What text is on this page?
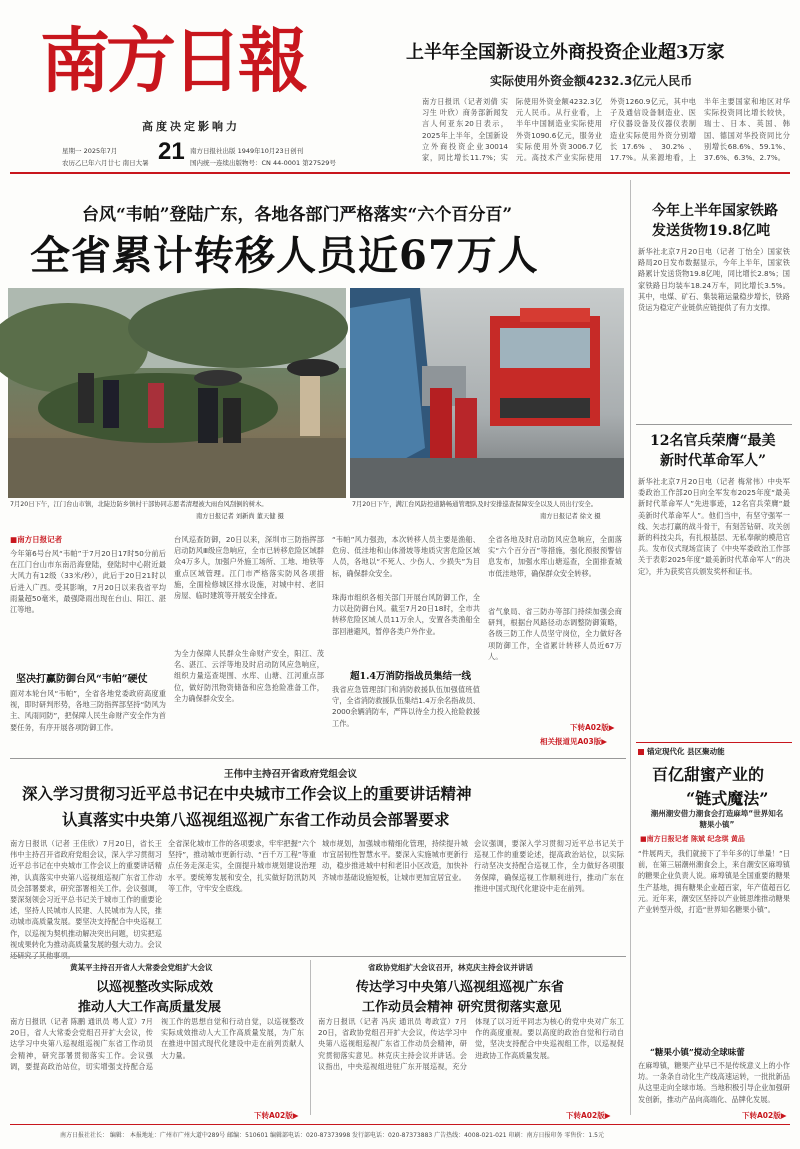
南方日報
高度决定影响力
星期一 2025年7月 21
农历乙巳年六月廿七 南日大暑
南方日报社出版 1949年10月23日创刊
国内统一连续出版物号：CN 44-0001 第27529号
上半年全国新设立外商投资企业超3万家
实际使用外资金额4232.3亿元人民币
南方日报讯（记者刘倩 实习生 叶欣）商务部新闻发言人何亚东20日表示，2025年上半年，全国新设立外商投资企业30014家，同比增长11.7%；实际使用外资金额4232.3亿元人民币。从行业看，上半年中国制造业实际使用外资1090.6亿元，服务业实际使用外资3006.7亿元。高技术产业实际使用外资1260.9亿元，其中电子及通信设备制造业、医疗仪器设备及仪器仪表制造业实际使用外资分别增长17.6%、30.2%、17.7%。从来源地看，上半年主要国家和地区对华实际投资同比增长较快，瑞士、日本、英国、韩国、德国对华投资同比分别增长68.6%、59.1%、37.6%、6.3%、2.7%。
台风“韦帕”登陆广东，各地各部门严格落实“六个百分百”
全省累计转移人员近67万人
7月20日下午，江门台山市镇，北陡边防乡镇村干部协同志愿者清理被大雨台风刮倒的树木。
南方日报记者 刘新尚 董天健 摄
7月20日下午，满江台风防控道路畅通管理队及时安排巡查保障安全以及人员出行安全。
南方日报记者 徐文 摄
■南方日报记者
今年第6号台风“韦帕”于7月20日17时50分前后在江门台山市东南沿海登陆，登陆时中心附近最大风力有12级（33米/秒），此后于20日21时以后进入广西。受其影响，7月20日以来我省平均雨量超50毫米，最强降雨出现在台山、阳江、湛江等地。
坚决打赢防御台风“韦帕”硬仗
面对本轮台风“韦帕”，全省各地党委政府高度重视，即时研判形势，各地三防指挥部坚持“防风为主、风雨同防”，把保障人民生命财产安全作为首要任务，有序开展各项防御工作。
台风巡查防御，20日以来，深圳市三防指挥部启动防风Ⅲ级应急响应，全市已转移危险区域群众4万多人，加强户外施工场所、工地、地铁等重点区域管理。江门市严格落实防风各项措施，全面检修城区排水设施，对城中村、老旧房屋、临时建筑等开展安全排查。
为全力保障人民群众生命财产安全，阳江、茂名、湛江、云浮等地及时启动防风应急响应，组织力量巡查堤围、水库、山塘、江河重点部位，做好防汛物资储备和应急抢险准备工作，全力确保群众安全。
“韦帕”风力强劲，本次转移人员主要是渔船、危房、低洼地和山体滑坡等地质灾害危险区域人员，各地以“不死人、少伤人、少损失”为目标，确保群众安全。
珠海市组织各相关部门开展台风防御工作，全力以赴防御台风。截至7月20日18时，全市共转移危险区域人员11万余人，安置各类渔船全部回港避风，暂停各类户外作业。
超1.4万消防指战员集结一线
我省应急管理部门和消防救援队伍加强值班值守，全省消防救援队伍集结1.4万余名指战员、2000余辆消防车，严阵以待全力投入抢险救援工作。
全省各地及时启动防风应急响应，全面落实“六个百分百”等措施，强化预报预警信息发布，加强水库山塘巡查，全面排查城市低洼地带，确保群众安全转移。
省气象局、省三防办等部门持续加强会商研判，根据台风路径动态调整防御策略，各级三防工作人员坚守岗位，全力做好各项防御工作，全省累计转移人员近67万人。
下转A02版▶
相关报道见A03版▶
王伟中主持召开省政府党组会议
深入学习贯彻习近平总书记在中央城市工作会议上的重要讲话精神
认真落实中央第八巡视组巡视广东省工作动员会部署要求
南方日报讯（记者 王佳欣）7月20日，省长王伟中主持召开省政府党组会议，深入学习贯彻习近平总书记在中央城市工作会议上的重要讲话精神，认真落实中央第八巡视组巡视广东省工作动员会部署要求，研究部署相关工作。会议强调，要深刻领会习近平总书记关于城市工作的重要论述，坚持人民城市人民建、人民城市为人民，推动城市高质量发展。要坚决支持配合中央巡视工作，以巡视为契机推动解决突出问题，切实把巡视成果转化为推动高质量发展的强大动力。会议
全省深化城市工作的各项要求，牢牢把握“六个坚持”，推动城市更新行动、“百千万工程”等重点任务走深走实，全面提升城市规划建设治理水平。要统筹发展和安全，扎实做好防汛防风等工作，守牢安全底线。
城市规划，加强城市精细化管理，持续提升城市宜居韧性智慧水平。要深入实施城市更新行动，稳步推进城中村和老旧小区改造，加快补齐城市基础设施短板，让城市更加宜居宜业。
会议强调，要深入学习贯彻习近平总书记关于巡视工作的重要论述，提高政治站位，以实际行动坚决支持配合巡视工作，全力做好各项服务保障，确保巡视工作顺利进行，推动广东在推进中国式现代化建设中走在前列。
黄某平主持召开省人大常委会党组扩大会议
以巡视整改实际成效
推动人大工作高质量发展
南方日报讯（记者 陈鹏 通讯员 粤人宣）7月20日，省人大常委会党组召开扩大会议，传达学习中央第八巡视组巡视广东省工作动员会精神，研究部署贯彻落实工作。会议强调，要提高政治站位，切实增强支持配合巡视工作的思想自觉和行动自觉，以巡视整改实际成效推动人大工作高质量发展，为广东在推进中国式现代化建设中走在前列贡献人大力量。
下转A02版▶
省政协党组扩大会议召开，林克庆主持会议并讲话
传达学习中央第八巡视组巡视广东省
工作动员会精神 研究贯彻落实意见
南方日报讯（记者 冯庆 通讯员 粤政宣）7月20日，省政协党组召开扩大会议，传达学习中央第八巡视组巡视广东省工作动员会精神，研究贯彻落实意见。林克庆主持会议并讲话。会议指出，中央巡视组进驻广东开展巡视，充分体现了以习近平同志为核心的党中央对广东工作的高度重视。要以高度的政治自觉和行动自觉，坚决支持配合中央巡视组工作，以巡视促进政协工作高质量发展。
下转A02版▶
今年上半年国家铁路
发送货物19.8亿吨
新华社北京7月20日电（记者 丁怡全）国家铁路局20日发布数据显示，今年上半年，国家铁路累计发送货物19.8亿吨，同比增长2.8%；国家铁路日均装车18.24万车，同比增长3.5%。其中，电煤、矿石、集装箱运量稳步增长，铁路货运为稳定产业链供应链提供了有力支撑。
12名官兵荣膺“最美
新时代革命军人”
新华社北京7月20日电（记者 梅常伟）中央军委政治工作部20日向全军发布2025年度“最美新时代革命军人”先进事迹，12名官兵荣膺“最美新时代革命军人”。他们当中，有坚守强军一线、矢志打赢的战斗骨干，有刻苦钻研、攻关创新的科技尖兵，有扎根基层、无私奉献的模范官兵。发布仪式现场宣读了《中央军委政治工作部关于表彰2025年度“最美新时代革命军人”的决定》，并为获奖官兵颁发奖杯和证书。
锚定现代化 县区聚动能
百亿甜蜜产业的
“链式魔法”
潮州潮安借力潮食会打造麻埠“世界知名糖果小镇”
■南方日报记者 陈斌 纪念琪 黄品
“件展两天，我们就接下了半年多的订单量！”日前，在第三届潮州潮食会上，来自潮安区麻埠镇的糖果企业负责人说。麻埠镇是全国重要的糖果生产基地，拥有糖果企业超百家，年产值超百亿元。近年来，潮安区坚持以产业链思维推动糖果产业转型升级，打造“世界知名糖果小镇”。
“糖果小镇”搅动全球味蕾
在麻埠镇，糖果产业早已不是传统意义上的小作坊。一条条自动化生产线高速运转，一批批新品从这里走向全球市场。当地积极引导企业加强研发创新，推动产品向高端化、品牌化发展。
下转A02版▶
南方日报社社长： 编辑： 本报地址：广州市广州大道中289号 邮编：510601 编辑部电话：020-87373998 发行部电话：020-87373883 广告热线：4008-021-021 印刷：南方日报印务 零售价：1.5元
